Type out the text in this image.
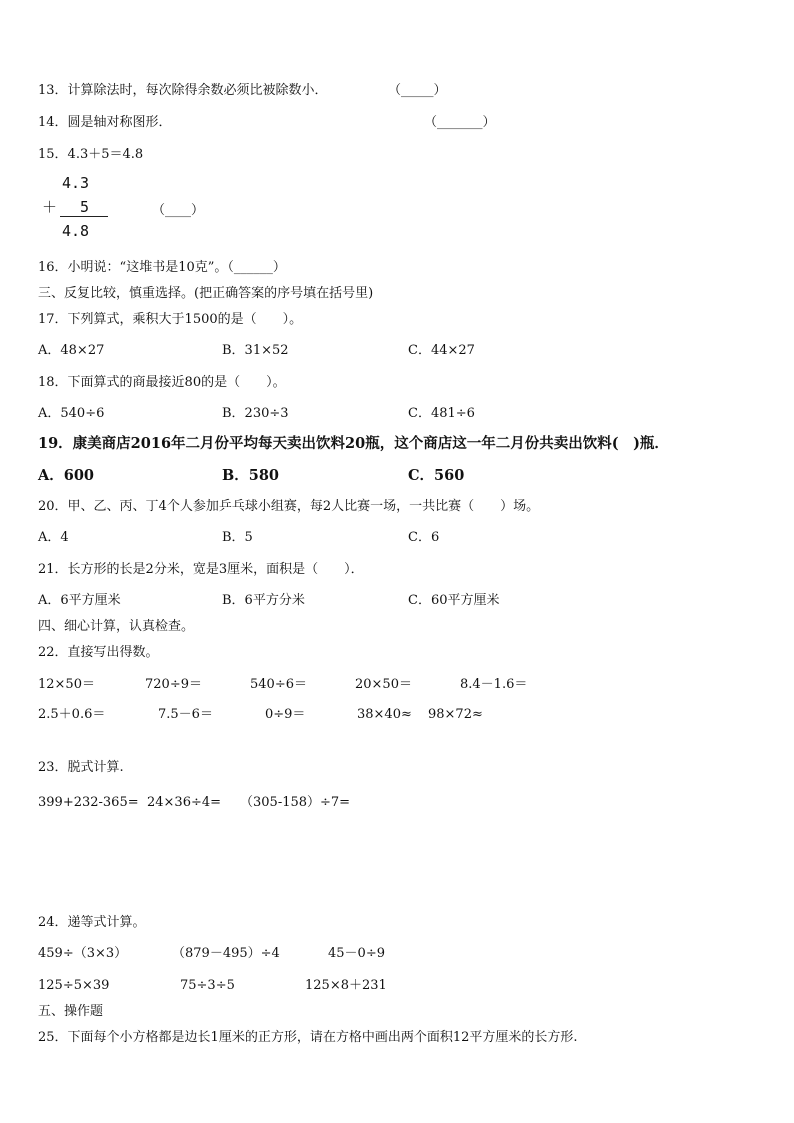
13．计算除法时，每次除得余数必须比被除数小．	（_____）
14．圆是轴对称图形．	（_______）
15．4.3＋5＝4.8
4.3
＋ 5
4.8
（____）
16．小明说：“这堆书是10克”。（______）
三、反复比较，慎重选择。(把正确答案的序号填在括号里)
17．下列算式，乘积大于1500的是（　　）。
A．48×27	B．31×52	C．44×27
18．下面算式的商最接近80的是（　　）。
A．540÷6	B．230÷3	C．481÷6
19．康美商店2016年二月份平均每天卖出饮料20瓶，这个商店这一年二月份共卖出饮料(　)瓶．
A．600	B．580	C．560
20．甲、乙、丙、丁4个人参加乒乓球小组赛，每2人比赛一场，一共比赛（　　）场。
A．4	B．5	C．6
21．长方形的长是2分米，宽是3厘米，面积是（　　）．
A．6平方厘米	B．6平方分米	C．60平方厘米
四、细心计算，认真检查。
22．直接写出得数。
12×50＝	720÷9＝	540÷6＝	20×50＝	8.4－1.6＝
2.5＋0.6＝	7.5－6＝	0÷9＝	38×40≈ 98×72≈
23．脱式计算.
399+232-365= 24×36÷4= （305-158）÷7=
24．递等式计算。
459÷（3×3）	（879－495）÷4	45－0÷9
125÷5×39	75÷3÷5	125×8＋231
五、操作题
25．下面每个小方格都是边长1厘米的正方形，请在方格中画出两个面积12平方厘米的长方形.
